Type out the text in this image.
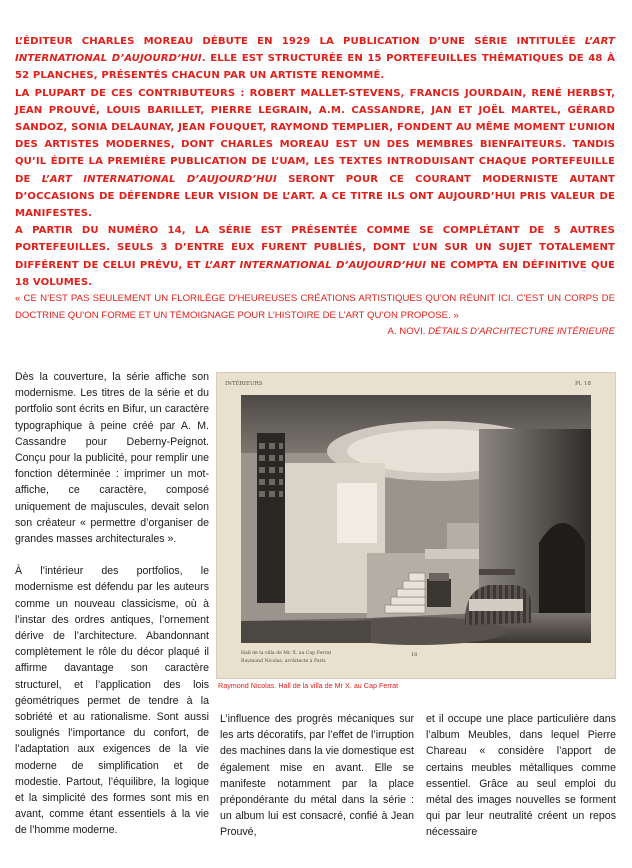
L’ÉDITEUR CHARLES MOREAU DÉBUTE EN 1929 LA PUBLICATION D’UNE SÉRIE INTITULÉE L’ART INTERNATIONAL D’AUJOURD’HUI. ELLE EST STRUCTURÉE EN 15 PORTEFEUILLES THÉMATIQUES DE 48 À 52 PLANCHES, PRÉSENTÉS CHACUN PAR UN ARTISTE RENOMMÉ.

LA PLUPART DE CES CONTRIBUTEURS : ROBERT MALLET-STEVENS, FRANCIS JOURDAIN, RENÉ HERBST, JEAN PROUVÉ, LOUIS BARILLET, PIERRE LEGRAIN, A.M. CASSANDRE, JAN ET JOËL MARTEL, GÉRARD SANDOZ, SONIA DELAUNAY, JEAN FOUQUET, RAYMOND TEMPLIER, FONDENT AU MÊME MOMENT L’UNION DES ARTISTES MODERNES, DONT CHARLES MOREAU EST UN DES MEMBRES BIENFAITEURS. TANDIS QU’IL ÉDITE LA PREMIÈRE PUBLICATION DE L’UAM, LES TEXTES INTRODUISANT CHAQUE PORTEFEUILLE DE L’ART INTERNATIONAL D’AUJOURD’HUI SERONT POUR CE COURANT MODERNISTE AUTANT D’OCCASIONS DE DÉFENDRE LEUR VISION DE L’ART. A CE TITRE ILS ONT AUJOURD’HUI PRIS VALEUR DE MANIFESTES.

A PARTIR DU NUMÉRO 14, LA SÉRIE EST PRÉSENTÉE COMME SE COMPLÉTANT DE 5 AUTRES PORTEFEUILLES. SEULS 3 D’ENTRE EUX FURENT PUBLIÉS, DONT L’UN SUR UN SUJET TOTALEMENT DIFFÉRENT DE CELUI PRÉVU, ET L’ART INTERNATIONAL D’AUJOURD’HUI NE COMPTA EN DÉFINITIVE QUE 18 VOLUMES.

« CE N’EST PAS SEULEMENT UN FLORILÈGE D’HEUREUSES CRÉATIONS ARTISTIQUES QU’ON RÉUNIT ICI. C’EST UN CORPS DE DOCTRINE QU’ON FORME ET UN TÉMOIGNAGE POUR L’HISTOIRE DE L’ART QU’ON PROPOSE. »

A. NOVI. DÉTAILS D’ARCHITECTURE INTÉRIEURE

Dès la couverture, la série affiche son modernisme. Les titres de la série et du portfolio sont écrits en Bifur, un caractère typographique à peine créé par A. M. Cassandre pour Deberny-Peignot. Conçu pour la publicité, pour remplir une fonction déterminée : imprimer un mot-affiche, ce caractère, composé uniquement de majuscules, devait selon son créateur « permettre d’organiser de grandes masses architecturales ».

À l’intérieur des portfolios, le modernisme est défendu par les auteurs comme un nouveau classicisme, où à l’instar des ordres antiques, l’ornement dérive de l’architecture. Abandonnant complètement le rôle du décor plaqué il affirme davantage son caractère structurel, et l’application des lois géométriques permet de tendre à la sobriété et au rationalisme. Sont aussi soulignés l’importance du confort, de l’adaptation aux exigences de la vie moderne de simplification et de modestie. Partout, l’équilibre, la logique et la simplicité des formes sont mis en avant, comme étant essentiels à la vie de l’homme moderne.

INTÉRIEURS	Pl. 18
Hall de la villa de Mr. X. au Cap Ferrat
Raymond Nicolas, architecte à Paris
18
Raymond Nicolas. Hall de la villa de Mr X. au Cap Ferrat

L’influence des progrès mécaniques sur les arts décoratifs, par l’effet de l’irruption des machines dans la vie domestique est également mise en avant. Elle se manifeste notamment par la place prépondérante du métal dans la série : un album lui est consacré, confié à Jean Prouvé,

et il occupe une place particulière dans l’album Meubles, dans lequel Pierre Chareau « considère l’apport de certains meubles métalliques comme essentiel. Grâce au seul emploi du métal des images nouvelles se forment qui par leur neutralité créent un repos nécessaire
